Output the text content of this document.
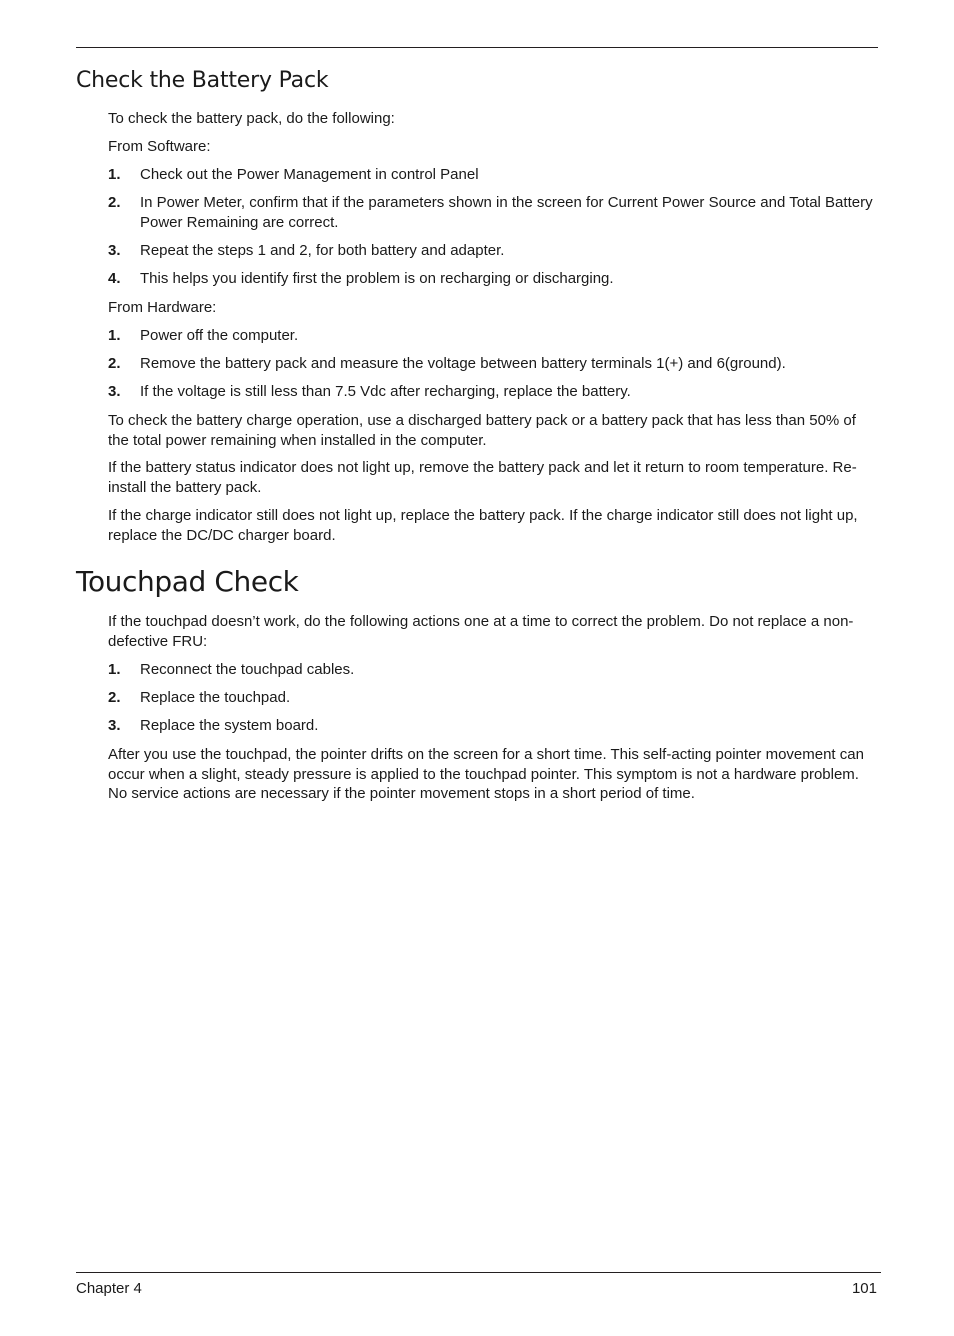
Check the Battery Pack

To check the battery pack, do the following:

From Software:

1. Check out the Power Management in control Panel
2. In Power Meter, confirm that if the parameters shown in the screen for Current Power Source and Total Battery Power Remaining are correct.
3. Repeat the steps 1 and 2, for both battery and adapter.
4. This helps you identify first the problem is on recharging or discharging.

From Hardware:

1. Power off the computer.
2. Remove the battery pack and measure the voltage between battery terminals 1(+) and 6(ground).
3. If the voltage is still less than 7.5 Vdc after recharging, replace the battery.

To check the battery charge operation, use a discharged battery pack or a battery pack that has less than 50% of the total power remaining when installed in the computer.

If the battery status indicator does not light up, remove the battery pack and let it return to room temperature. Re-install the battery pack.

If the charge indicator still does not light up, replace the battery pack. If the charge indicator still does not light up, replace the DC/DC charger board.

Touchpad Check

If the touchpad doesn’t work, do the following actions one at a time to correct the problem. Do not replace a non-defective FRU:

1. Reconnect the touchpad cables.
2. Replace the touchpad.
3. Replace the system board.

After you use the touchpad, the pointer drifts on the screen for a short time. This self-acting pointer movement can occur when a slight, steady pressure is applied to the touchpad pointer. This symptom is not a hardware problem. No service actions are necessary if the pointer movement stops in a short period of time.

Chapter 4	101
